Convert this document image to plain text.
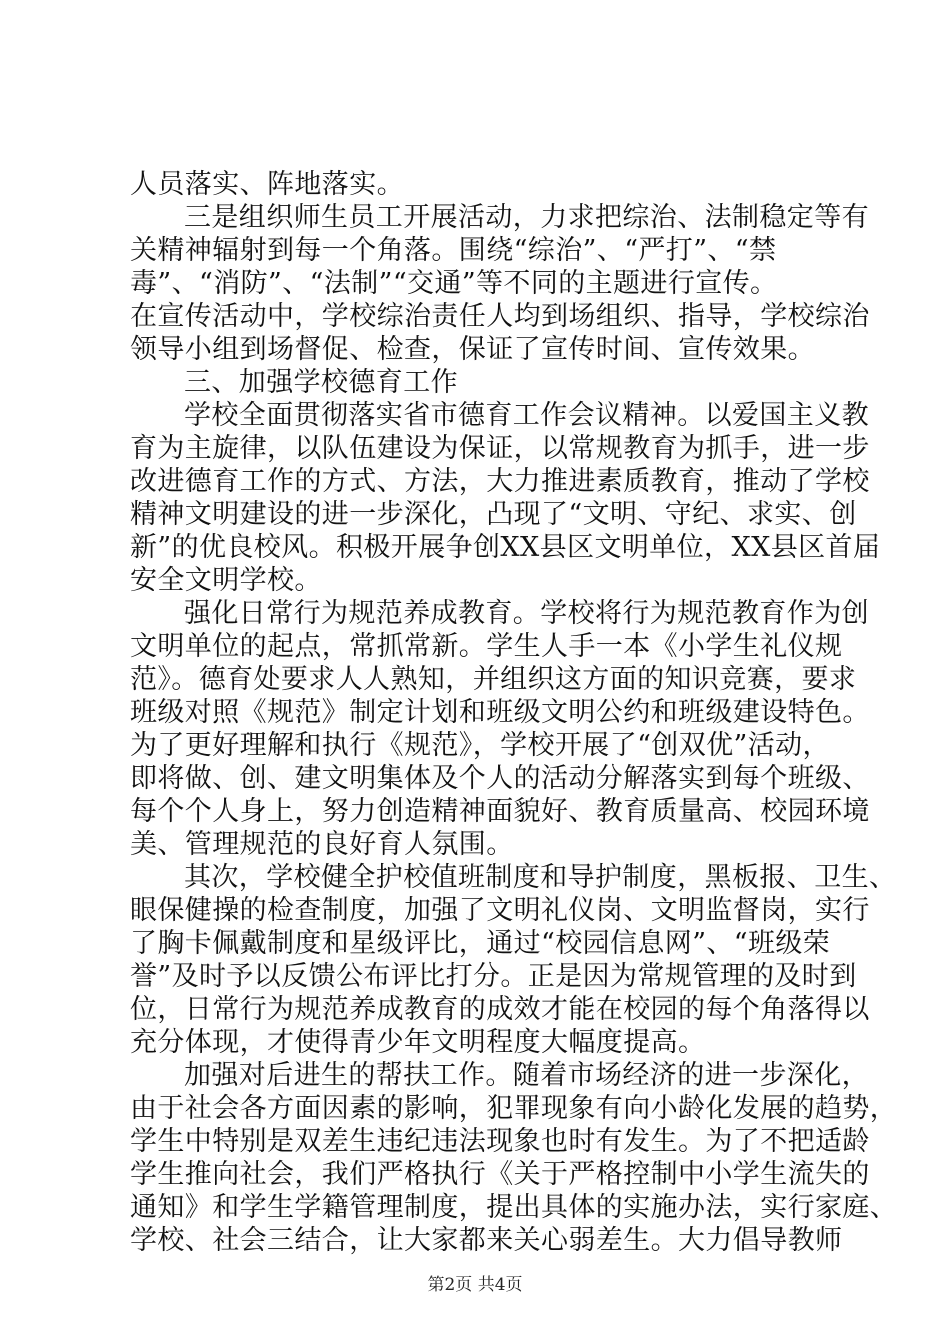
人员落实、阵地落实。
三是组织师生员工开展活动，力求把综治、法制稳定等有
关精神辐射到每一个角落。围绕“综治”、“严打”、“禁
毒”、“消防”、“法制”“交通”等不同的主题进行宣传。
在宣传活动中，学校综治责任人均到场组织、指导，学校综治
领导小组到场督促、检查，保证了宣传时间、宣传效果。
三、加强学校德育工作
学校全面贯彻落实省市德育工作会议精神。以爱国主义教
育为主旋律，以队伍建设为保证，以常规教育为抓手，进一步
改进德育工作的方式、方法，大力推进素质教育，推动了学校
精神文明建设的进一步深化，凸现了“文明、守纪、求实、创
新”的优良校风。积极开展争创XX县区文明单位，XX县区首届
安全文明学校。
强化日常行为规范养成教育。学校将行为规范教育作为创
文明单位的起点，常抓常新。学生人手一本《小学生礼仪规
范》。德育处要求人人熟知，并组织这方面的知识竞赛，要求
班级对照《规范》制定计划和班级文明公约和班级建设特色。
为了更好理解和执行《规范》，学校开展了“创双优”活动，
即将做、创、建文明集体及个人的活动分解落实到每个班级、
每个个人身上，努力创造精神面貌好、教育质量高、校园环境
美、管理规范的良好育人氛围。
其次，学校健全护校值班制度和导护制度，黑板报、卫生、
眼保健操的检查制度，加强了文明礼仪岗、文明监督岗，实行
了胸卡佩戴制度和星级评比，通过“校园信息网”、“班级荣
誉”及时予以反馈公布评比打分。正是因为常规管理的及时到
位，日常行为规范养成教育的成效才能在校园的每个角落得以
充分体现，才使得青少年文明程度大幅度提高。
加强对后进生的帮扶工作。随着市场经济的进一步深化，
由于社会各方面因素的影响，犯罪现象有向小龄化发展的趋势，
学生中特别是双差生违纪违法现象也时有发生。为了不把适龄
学生推向社会，我们严格执行《关于严格控制中小学生流失的
通知》和学生学籍管理制度，提出具体的实施办法，实行家庭、
学校、社会三结合，让大家都来关心弱差生。大力倡导教师
第2页 共4页
